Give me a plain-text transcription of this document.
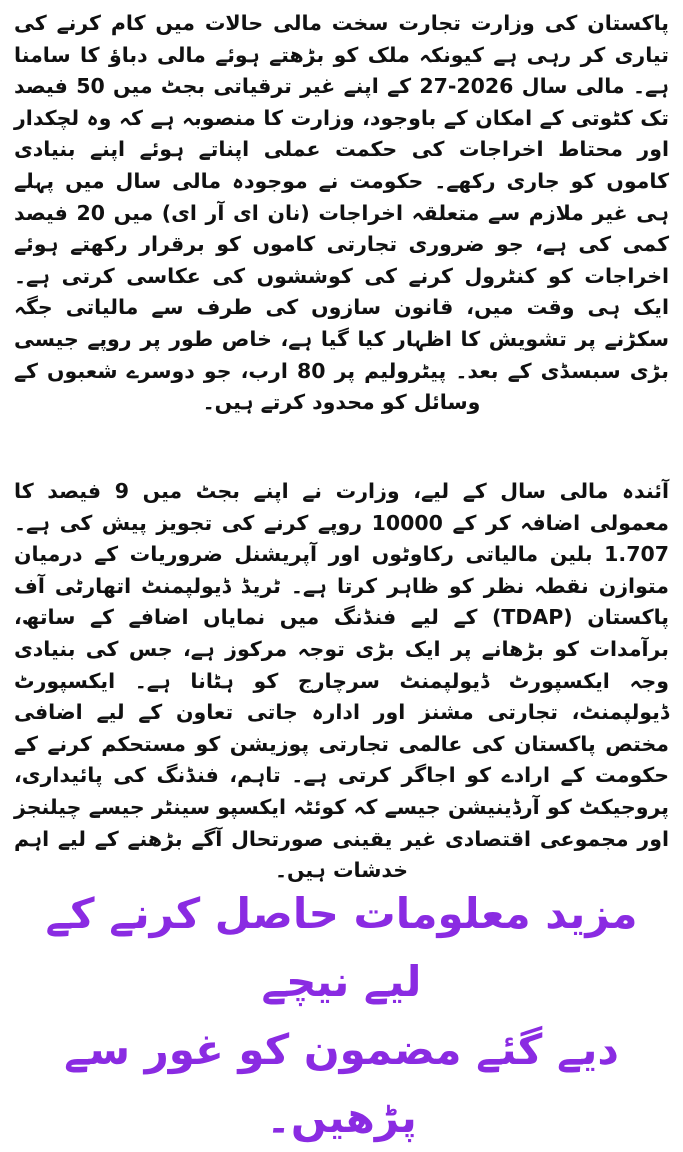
پاکستان کی وزارت تجارت سخت مالی حالات میں کام کرنے کی تیاری کر رہی ہے کیونکہ ملک کو بڑھتے ہوئے مالی دباؤ کا سامنا ہے۔ مالی سال 2026-27 کے اپنے غیر ترقیاتی بجٹ میں 50 فیصد تک کٹوتی کے امکان کے باوجود، وزارت کا منصوبہ ہے کہ وہ لچکدار اور محتاط اخراجات کی حکمت عملی اپناتے ہوئے اپنے بنیادی کاموں کو جاری رکھے۔ حکومت نے موجودہ مالی سال میں پہلے ہی غیر ملازم سے متعلقہ اخراجات (نان ای آر ای) میں 20 فیصد کمی کی ہے، جو ضروری تجارتی کاموں کو برقرار رکھتے ہوئے اخراجات کو کنٹرول کرنے کی کوششوں کی عکاسی کرتی ہے۔ ایک ہی وقت میں، قانون سازوں کی طرف سے مالیاتی جگہ سکڑنے پر تشویش کا اظہار کیا گیا ہے، خاص طور پر روپے جیسی بڑی سبسڈی کے بعد۔ پیٹرولیم پر 80 ارب، جو دوسرے شعبوں کے وسائل کو محدود کرتے ہیں۔

آئندہ مالی سال کے لیے، وزارت نے اپنے بجٹ میں 9 فیصد کا معمولی اضافہ کر کے 10000 روپے کرنے کی تجویز پیش کی ہے۔ 1.707 بلین مالیاتی رکاوٹوں اور آپریشنل ضروریات کے درمیان متوازن نقطہ نظر کو ظاہر کرتا ہے۔ ٹریڈ ڈیولپمنٹ اتھارٹی آف پاکستان (TDAP) کے لیے فنڈنگ میں نمایاں اضافے کے ساتھ، برآمدات کو بڑھانے پر ایک بڑی توجہ مرکوز ہے، جس کی بنیادی وجہ ایکسپورٹ ڈیولپمنٹ سرچارج کو ہٹانا ہے۔ ایکسپورٹ ڈیولپمنٹ، تجارتی مشنز اور ادارہ جاتی تعاون کے لیے اضافی مختص پاکستان کی عالمی تجارتی پوزیشن کو مستحکم کرنے کے حکومت کے ارادے کو اجاگر کرتی ہے۔ تاہم، فنڈنگ کی پائیداری، پروجیکٹ کو آرڈینیشن جیسے کہ کوئٹہ ایکسپو سینٹر جیسے چیلنجز اور مجموعی اقتصادی غیر یقینی صورتحال آگے بڑھنے کے لیے اہم خدشات ہیں۔

مزید معلومات حاصل کرنے کے لیے نیچے

دیے گئے مضمون کو غور سے پڑھیں۔
